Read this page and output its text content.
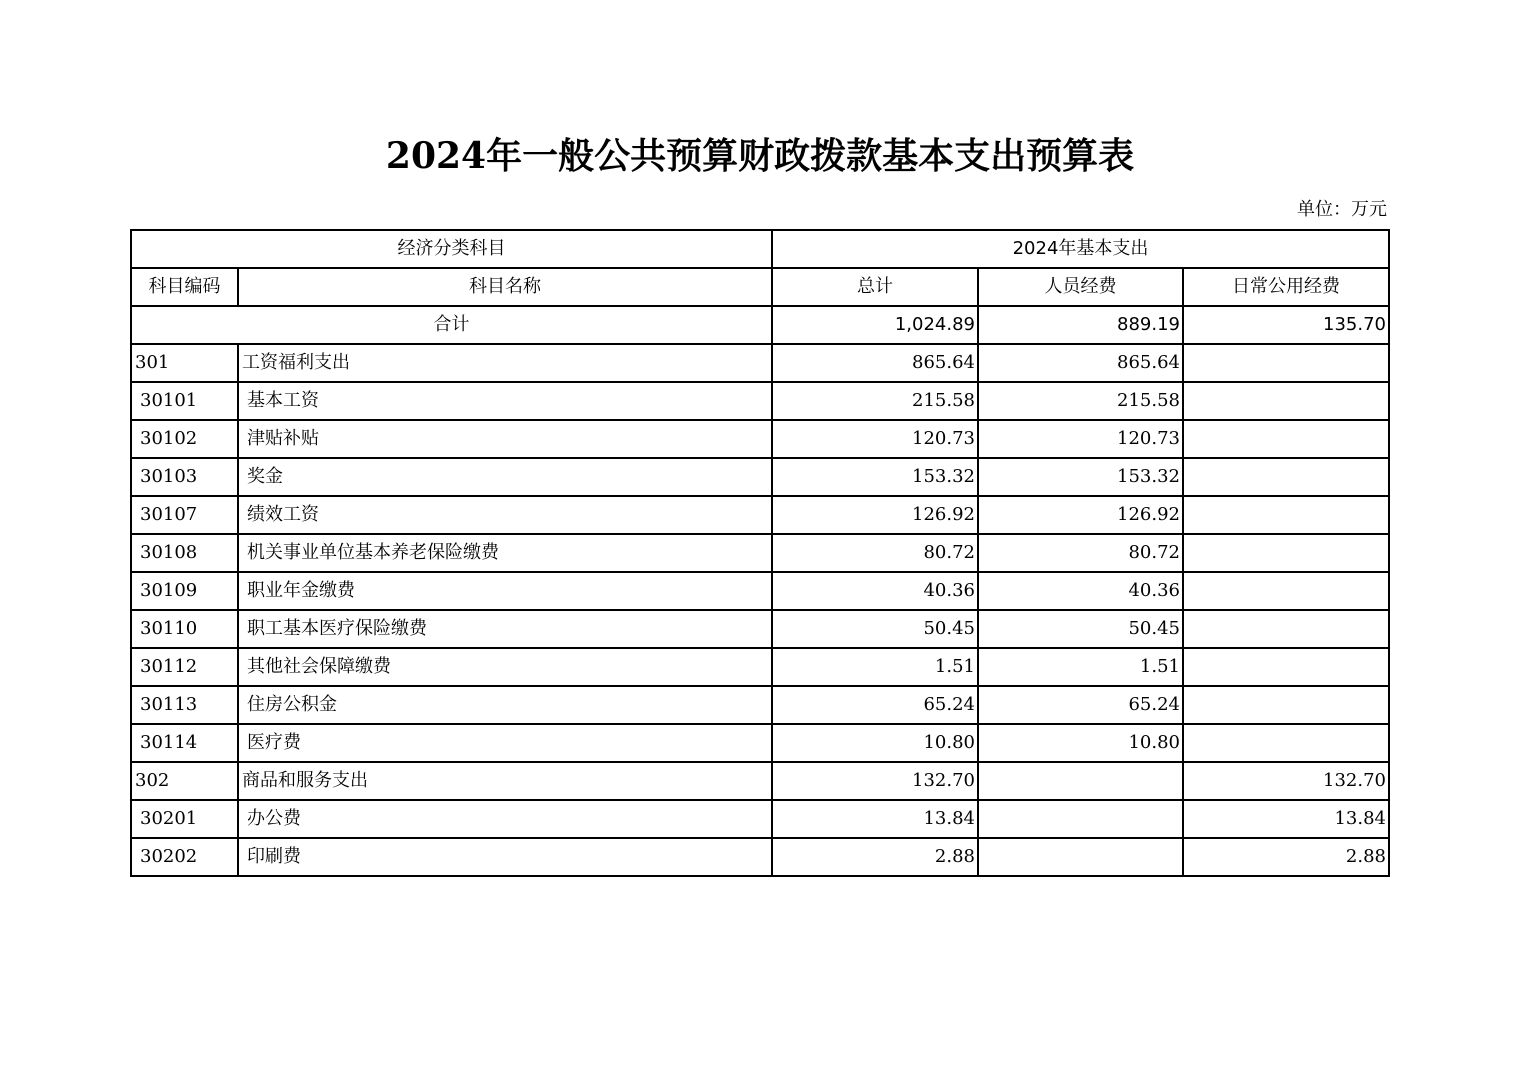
2024年一般公共预算财政拨款基本支出预算表
单位：万元
经济分类科目		2024年基本支出		
科目编码	科目名称	总计	人员经费	日常公用经费
合计		1,024.89	889.19	135.70
301	工资福利支出	865.64	865.64	
30101	基本工资	215.58	215.58	
30102	津贴补贴	120.73	120.73	
30103	奖金	153.32	153.32	
30107	绩效工资	126.92	126.92	
30108	机关事业单位基本养老保险缴费	80.72	80.72	
30109	职业年金缴费	40.36	40.36	
30110	职工基本医疗保险缴费	50.45	50.45	
30112	其他社会保障缴费	1.51	1.51	
30113	住房公积金	65.24	65.24	
30114	医疗费	10.80	10.80	
302	商品和服务支出	132.70		132.70
30201	办公费	13.84		13.84
30202	印刷费	2.88		2.88
